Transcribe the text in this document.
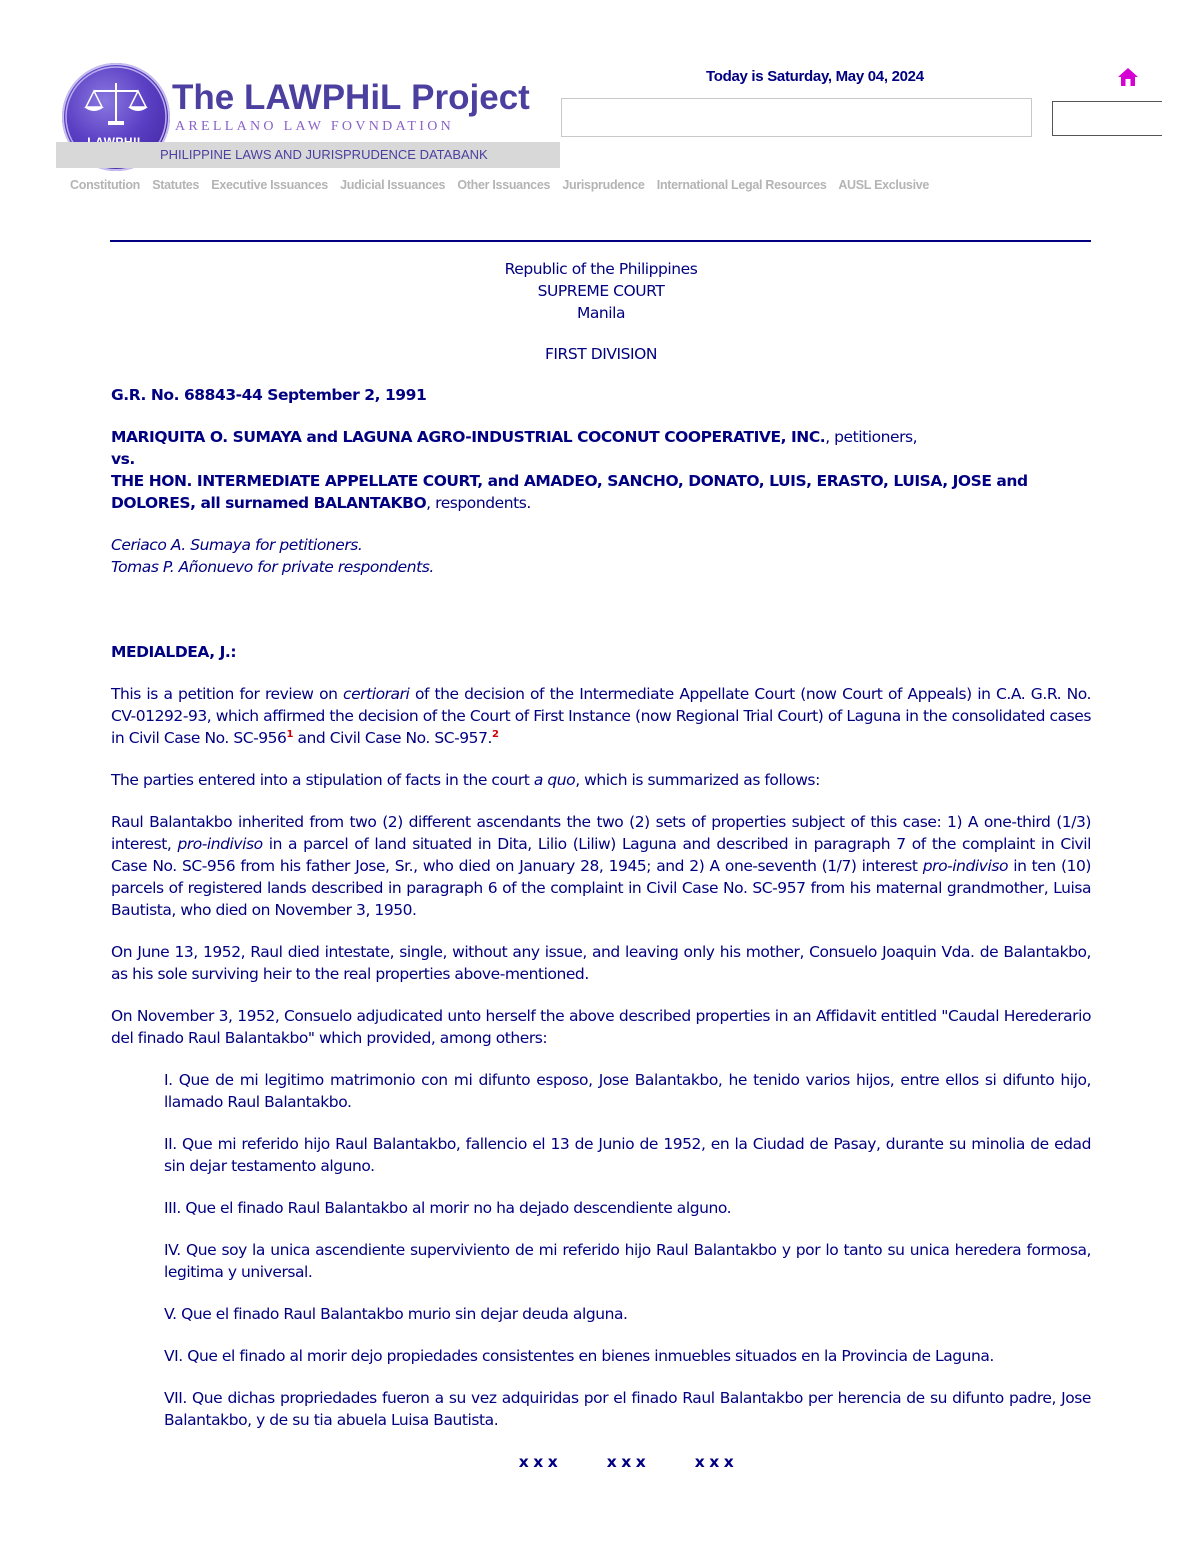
The LAWPHiL Project
ARELLANO LAW FOVNDATION
PHILIPPINE LAWS AND JURISPRUDENCE DATABANK
Today is Saturday, May 04, 2024
Constitution Statutes Executive Issuances Judicial Issuances Other Issuances Jurisprudence International Legal Resources AUSL Exclusive
Republic of the Philippines
SUPREME COURT
Manila
FIRST DIVISION
G.R. No. 68843-44 September 2, 1991
MARIQUITA O. SUMAYA and LAGUNA AGRO-INDUSTRIAL COCONUT COOPERATIVE, INC., petitioners,
vs.
THE HON. INTERMEDIATE APPELLATE COURT, and AMADEO, SANCHO, DONATO, LUIS, ERASTO, LUISA, JOSE and DOLORES, all surnamed BALANTAKBO, respondents.
Ceriaco A. Sumaya for petitioners.
Tomas P. Añonuevo for private respondents.
MEDIALDEA, J.:

This is a petition for review on certiorari of the decision of the Intermediate Appellate Court (now Court of Appeals) in C.A. G.R. No. CV-01292-93, which affirmed the decision of the Court of First Instance (now Regional Trial Court) of Laguna in the consolidated cases in Civil Case No. $SC-956^1$ and Civil Case No. SC-957.$^2$

The parties entered into a stipulation of facts in the court a quo, which is summarized as follows:

Raul Balantakbo inherited from two (2) different ascendants the two (2) sets of properties subject of this case: 1) A one-third (1/3) interest, pro-indiviso in a parcel of land situated in Dita, Lilio (Liliw) Laguna and described in paragraph 7 of the complaint in Civil Case No. SC-956 from his father Jose, Sr., who died on January 28, 1945; and 2) A one-seventh (1/7) interest pro-indiviso in ten (10) parcels of registered lands described in paragraph 6 of the complaint in Civil Case No. SC-957 from his maternal grandmother, Luisa Bautista, who died on November 3, 1950.

On June 13, 1952, Raul died intestate, single, without any issue, and leaving only his mother, Consuelo Joaquin Vda. de Balantakbo, as his sole surviving heir to the real properties above-mentioned.

On November 3, 1952, Consuelo adjudicated unto herself the above described properties in an Affidavit entitled "Caudal Herederario del finado Raul Balantakbo" which provided, among others:

I. Que de mi legitimo matrimonio con mi difunto esposo, Jose Balantakbo, he tenido varios hijos, entre ellos si difunto hijo, llamado Raul Balantakbo.

II. Que mi referido hijo Raul Balantakbo, fallencio el 13 de Junio de 1952, en la Ciudad de Pasay, durante su minolia de edad sin dejar testamento alguno.

III. Que el finado Raul Balantakbo al morir no ha dejado descendiente alguno.

IV. Que soy la unica ascendiente superviviento de mi referido hijo Raul Balantakbo y por lo tanto su unica heredera formosa, legitima y universal.

V. Que el finado Raul Balantakbo murio sin dejar deuda alguna.

VI. Que el finado al morir dejo propiedades consistentes en bienes inmuebles situados en la Provincia de Laguna.

VII. Que dichas propriedades fueron a su vez adquiridas por el finado Raul Balantakbo per herencia de su difunto padre, Jose Balantakbo, y de su tia abuela Luisa Bautista.

x x x          x x x          x x x
